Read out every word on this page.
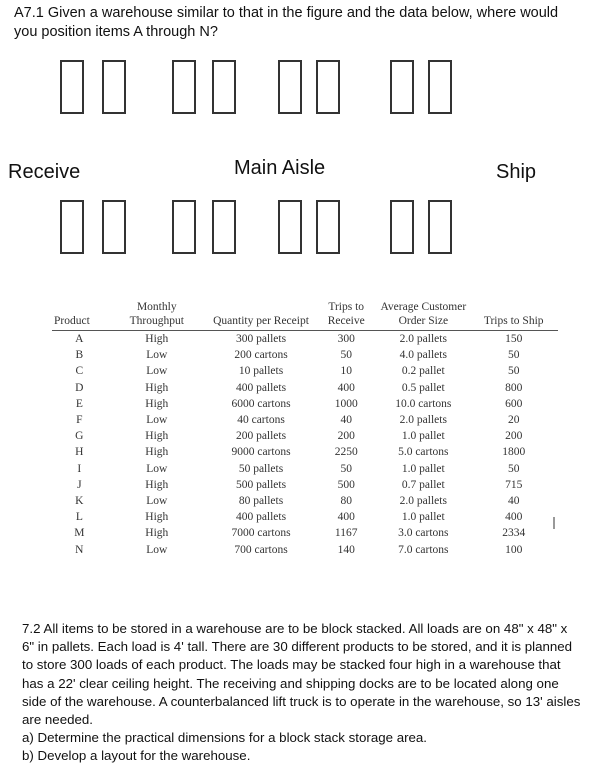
A7.1 Given a warehouse similar to that in the figure and the data below, where would you position items A through N?
Receive	Main Aisle	Ship
Product	Monthly Throughput	Quantity per Receipt	Trips to Receive	Average Customer Order Size	Trips to Ship
A	High	300 pallets	300	2.0 pallets	150
B	Low	200 cartons	50	4.0 pallets	50
C	Low	10 pallets	10	0.2 pallet	50
D	High	400 pallets	400	0.5 pallet	800
E	High	6000 cartons	1000	10.0 cartons	600
F	Low	40 cartons	40	2.0 pallets	20
G	High	200 pallets	200	1.0 pallet	200
H	High	9000 cartons	2250	5.0 cartons	1800
I	Low	50 pallets	50	1.0 pallet	50
J	High	500 pallets	500	0.7 pallet	715
K	Low	80 pallets	80	2.0 pallets	40
L	High	400 pallets	400	1.0 pallet	400
M	High	7000 cartons	1167	3.0 cartons	2334
N	Low	700 cartons	140	7.0 cartons	100

7.2 All items to be stored in a warehouse are to be block stacked. All loads are on 48" x 48" x 6" in pallets. Each load is 4' tall. There are 30 different products to be stored, and it is planned to store 300 loads of each product. The loads may be stacked four high in a warehouse that has a 22' clear ceiling height. The receiving and shipping docks are to be located along one side of the warehouse. A counterbalanced lift truck is to operate in the warehouse, so 13' aisles are needed.

a) Determine the practical dimensions for a block stack storage area.

b) Develop a layout for the warehouse.
